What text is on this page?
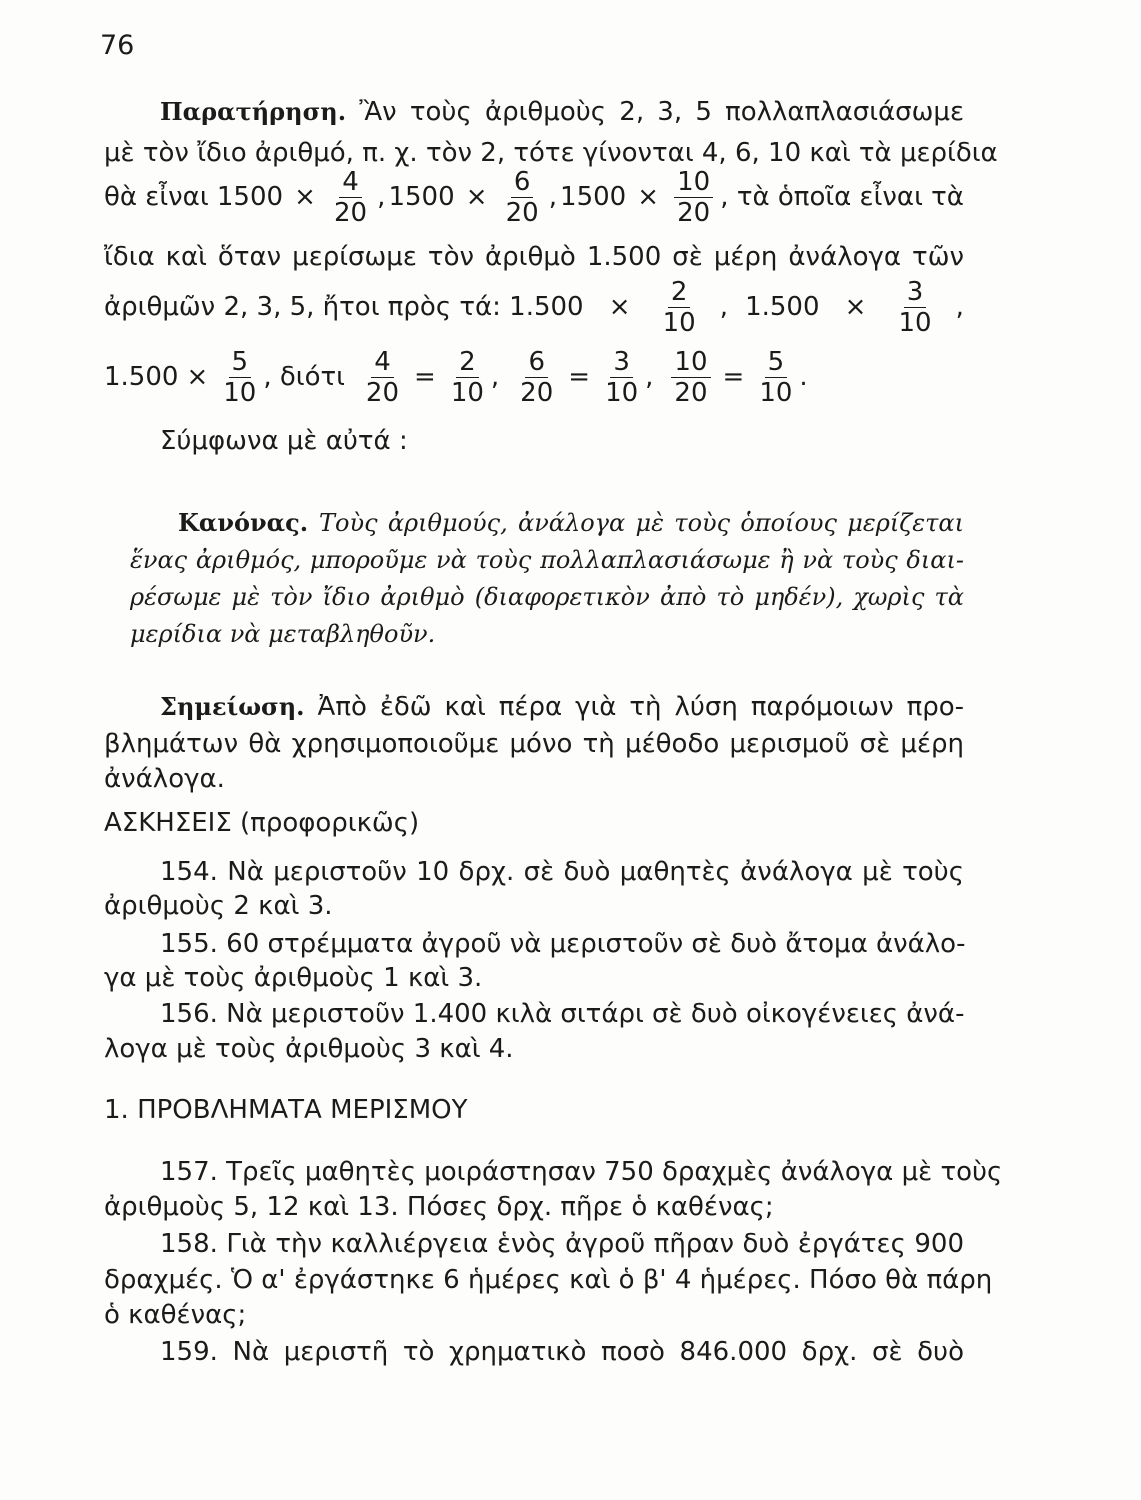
76
Παρατήρηση. Ἂν τοὺς ἀριθμοὺς 2, 3, 5 πολλαπλασιάσωμε
μὲ τὸν ἴδιο ἀριθμό, π. χ. τὸν 2, τότε γίνονται 4, 6, 10 καὶ τὰ μερίδια
θὰ εἶναι $1500 \times \frac{4}{20}$ , $1500 \times \frac{6}{20}$ , $1500 \times \frac{10}{20}$ , τὰ ὁποῖα εἶναι τὰ
ἴδια καὶ ὅταν μερίσωμε τὸν ἀριθμὸ 1.500 σὲ μέρη ἀνάλογα τῶν
ἀριθμῶν 2, 3, 5, ἤτοι πρὸς τά: $1.500 \times \frac{2}{10}$ , $1.500 \times \frac{3}{10}$ ,
$1.500 \times \frac{5}{10}$ , διότι $\frac{4}{20} = \frac{2}{10}$ , $\frac{6}{20} = \frac{3}{10}$ , $\frac{10}{20} = \frac{5}{10}$ .
Σύμφωνα μὲ αὐτά :
Κανόνας. Τοὺς ἀριθμούς, ἀνάλογα μὲ τοὺς ὁποίους μερίζεται
ἕνας ἀριθμός, μποροῦμε νὰ τοὺς πολλαπλασιάσωμε ἢ νὰ τοὺς διαι-
ρέσωμε μὲ τὸν ἴδιο ἀριθμὸ (διαφορετικὸν ἀπὸ τὸ μηδέν), χωρὶς τὰ
μερίδια νὰ μεταβληθοῦν.
Σημείωση. Ἀπὸ ἐδῶ καὶ πέρα γιὰ τὴ λύση παρόμοιων προ-
βλημάτων θὰ χρησιμοποιοῦμε μόνο τὴ μέθοδο μερισμοῦ σὲ μέρη
ἀνάλογα.
ΑΣΚΗΣΕΙΣ (προφορικῶς)
154. Νὰ μεριστοῦν 10 δρχ. σὲ δυὸ μαθητὲς ἀνάλογα μὲ τοὺς
ἀριθμοὺς 2 καὶ 3.
155. 60 στρέμματα ἀγροῦ νὰ μεριστοῦν σὲ δυὸ ἄτομα ἀνάλο-
γα μὲ τοὺς ἀριθμοὺς 1 καὶ 3.
156. Νὰ μεριστοῦν 1.400 κιλὰ σιτάρι σὲ δυὸ οἰκογένειες ἀνά-
λογα μὲ τοὺς ἀριθμοὺς 3 καὶ 4.
1. ΠΡΟΒΛΗΜΑΤΑ ΜΕΡΙΣΜΟΥ
157. Τρεῖς μαθητὲς μοιράστησαν 750 δραχμὲς ἀνάλογα μὲ τοὺς
ἀριθμοὺς 5, 12 καὶ 13. Πόσες δρχ. πῆρε ὁ καθένας;
158. Γιὰ τὴν καλλιέργεια ἑνὸς ἀγροῦ πῆραν δυὸ ἐργάτες 900
δραχμές. Ὁ α' ἐργάστηκε 6 ἡμέρες καὶ ὁ β' 4 ἡμέρες. Πόσο θὰ πάρη
ὁ καθένας;
159. Νὰ μεριστῆ τὸ χρηματικὸ ποσὸ 846.000 δρχ. σὲ δυὸ
